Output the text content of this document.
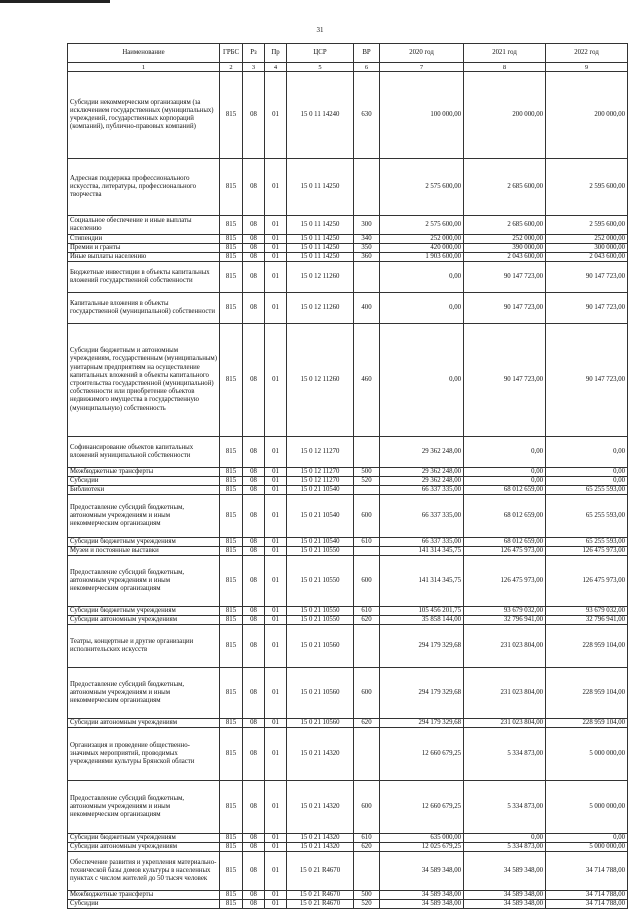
31
Наименование	ГРБС	Рз	Пр	ЦСР	ВР	2020 год	2021 год	2022 год
1	2	3	4	5	6	7	8	9
Субсидии некоммерческим организациям (за исключением государственных (муниципальных) учреждений, государственных корпораций (компаний), публично-правовых компаний)	815	08	01	15 0 11 14240	630	100 000,00	200 000,00	200 000,00
Адресная поддержка профессионального искусства, литературы, профессионального творчества	815	08	01	15 0 11 14250		2 575 600,00	2 685 600,00	2 595 600,00
Социальное обеспечение и иные выплаты населению	815	08	01	15 0 11 14250	300	2 575 600,00	2 685 600,00	2 595 600,00
Стипендии	815	08	01	15 0 11 14250	340	252 000,00	252 000,00	252 000,00
Премии и гранты	815	08	01	15 0 11 14250	350	420 000,00	390 000,00	300 000,00
Иные выплаты населению	815	08	01	15 0 11 14250	360	1 903 600,00	2 043 600,00	2 043 600,00
Бюджетные инвестиции в объекты капитальных вложений государственной собственности	815	08	01	15 0 12 11260		0,00	90 147 723,00	90 147 723,00
Капитальные вложения в объекты государственной (муниципальной) собственности	815	08	01	15 0 12 11260	400	0,00	90 147 723,00	90 147 723,00
Субсидии бюджетным и автономным учреждениям, государственным (муниципальным) унитарным предприятиям на осуществление капитальных вложений в объекты капитального строительства государственной (муниципальной) собственности или приобретение объектов недвижимого имущества в государственную (муниципальную) собственность	815	08	01	15 0 12 11260	460	0,00	90 147 723,00	90 147 723,00
Софинансирование объектов капитальных вложений муниципальной собственности	815	08	01	15 0 12 11270		29 362 248,00	0,00	0,00
Межбюджетные трансферты	815	08	01	15 0 12 11270	500	29 362 248,00	0,00	0,00
Субсидии	815	08	01	15 0 12 11270	520	29 362 248,00	0,00	0,00
Библиотеки	815	08	01	15 0 21 10540		66 337 335,00	68 012 659,00	65 255 593,00
Предоставление субсидий бюджетным, автономным учреждениям и иным некоммерческим организациям	815	08	01	15 0 21 10540	600	66 337 335,00	68 012 659,00	65 255 593,00
Субсидии бюджетным учреждениям	815	08	01	15 0 21 10540	610	66 337 335,00	68 012 659,00	65 255 593,00
Музеи и постоянные выставки	815	08	01	15 0 21 10550		141 314 345,75	126 475 973,00	126 475 973,00
Предоставление субсидий бюджетным, автономным учреждениям и иным некоммерческим организациям	815	08	01	15 0 21 10550	600	141 314 345,75	126 475 973,00	126 475 973,00
Субсидии бюджетным учреждениям	815	08	01	15 0 21 10550	610	105 456 201,75	93 679 032,00	93 679 032,00
Субсидии автономным учреждениям	815	08	01	15 0 21 10550	620	35 858 144,00	32 796 941,00	32 796 941,00
Театры, концертные и другие организации исполнительских искусств	815	08	01	15 0 21 10560		294 179 329,68	231 023 804,00	228 959 104,00
Предоставление субсидий бюджетным, автономным учреждениям и иным некоммерческим организациям	815	08	01	15 0 21 10560	600	294 179 329,68	231 023 804,00	228 959 104,00
Субсидии автономным учреждениям	815	08	01	15 0 21 10560	620	294 179 329,68	231 023 804,00	228 959 104,00
Организация и проведение общественно-значимых мероприятий, проводимых учреждениями культуры Брянской области	815	08	01	15 0 21 14320		12 660 679,25	5 334 873,00	5 000 000,00
Предоставление субсидий бюджетным, автономным учреждениям и иным некоммерческим организациям	815	08	01	15 0 21 14320	600	12 660 679,25	5 334 873,00	5 000 000,00
Субсидии бюджетным учреждениям	815	08	01	15 0 21 14320	610	635 000,00	0,00	0,00
Субсидии автономным учреждениям	815	08	01	15 0 21 14320	620	12 025 679,25	5 334 873,00	5 000 000,00
Обеспечение развития и укрепления материально-технической базы домов культуры в населенных пунктах с числом жителей до 50 тысяч человек	815	08	01	15 0 21 R4670		34 589 348,00	34 589 348,00	34 714 788,00
Межбюджетные трансферты	815	08	01	15 0 21 R4670	500	34 589 348,00	34 589 348,00	34 714 788,00
Субсидии	815	08	01	15 0 21 R4670	520	34 589 348,00	34 589 348,00	34 714 788,00
